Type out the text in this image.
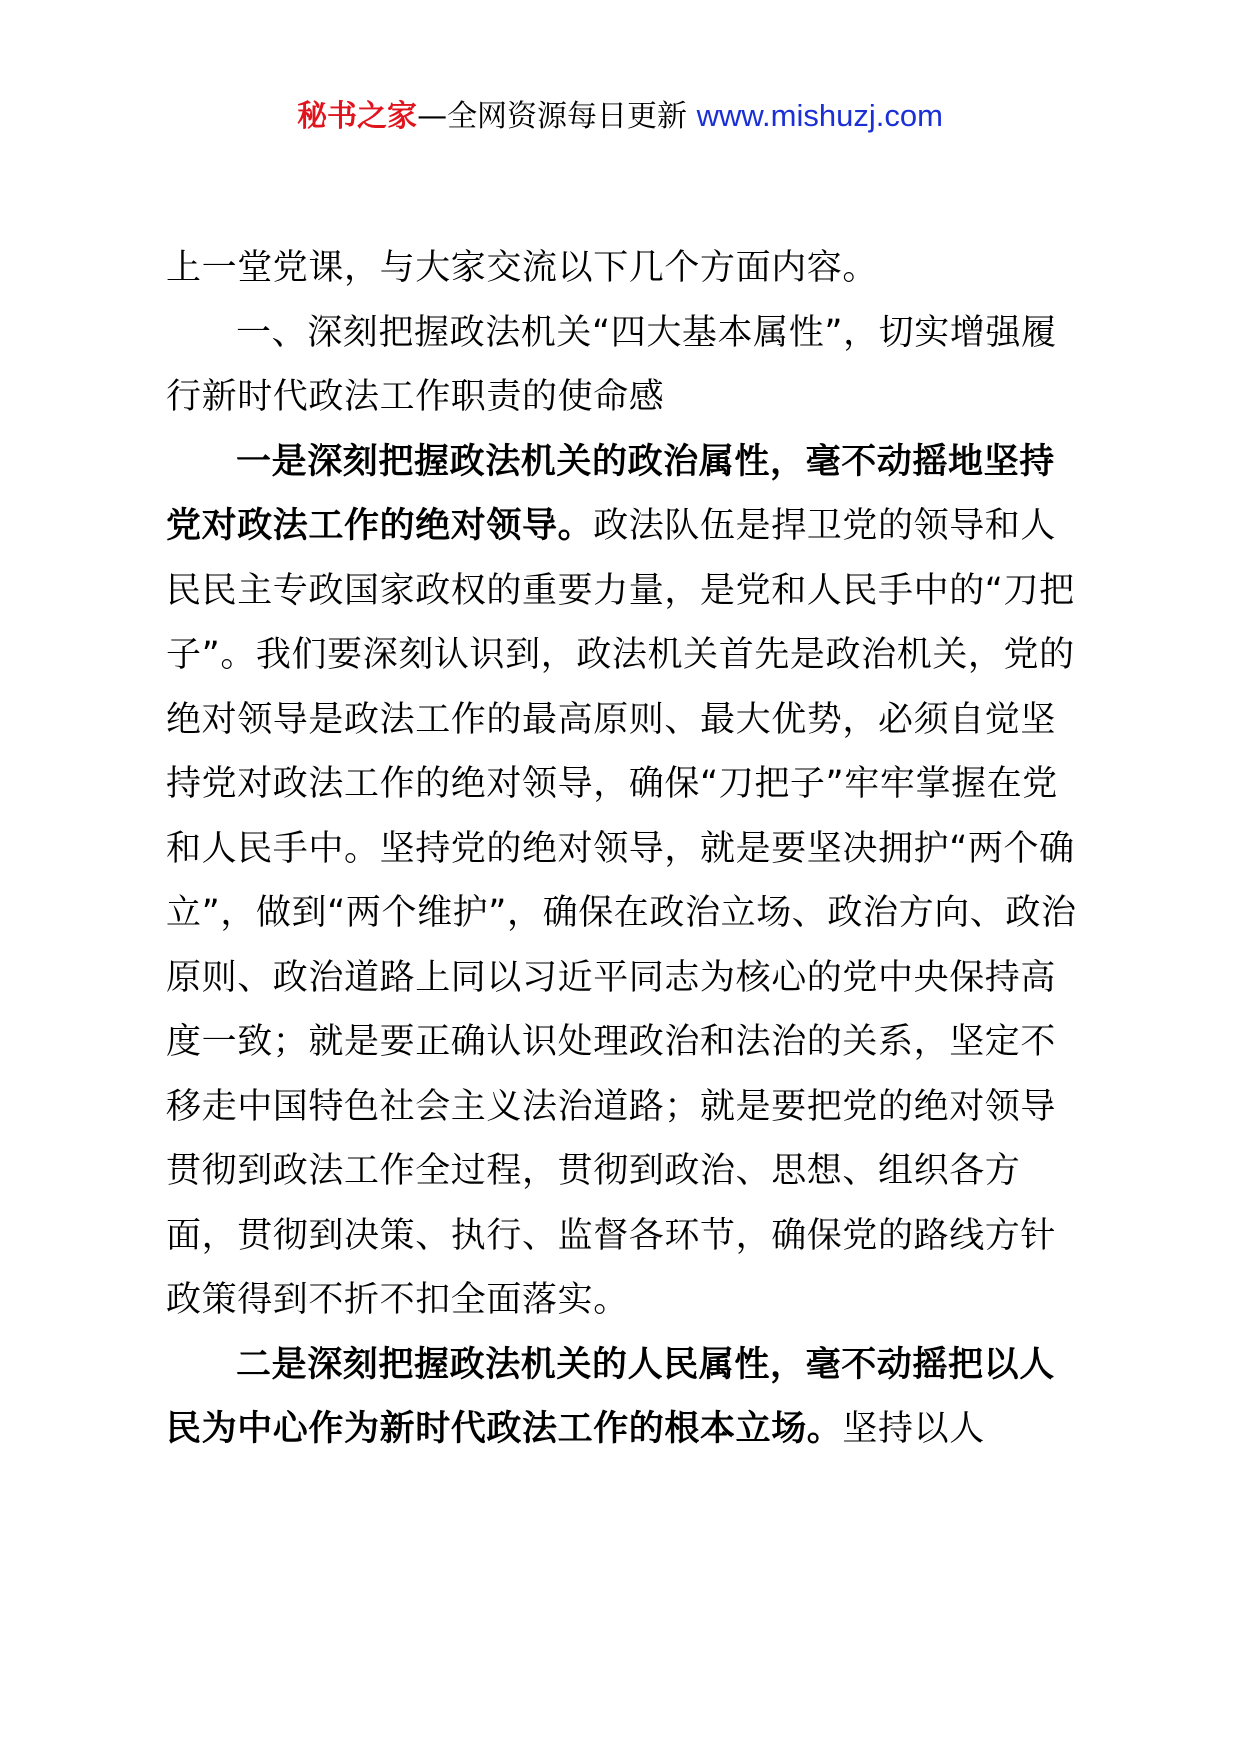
秘书之家—全网资源每日更新 www.mishuzj.com

上一堂党课，与大家交流以下几个方面内容。

一、深刻把握政法机关“四大基本属性”，切实增强履行新时代政法工作职责的使命感

一是深刻把握政法机关的政治属性，毫不动摇地坚持党对政法工作的绝对领导。政法队伍是捍卫党的领导和人民民主专政国家政权的重要力量，是党和人民手中的“刀把子”。我们要深刻认识到，政法机关首先是政治机关，党的绝对领导是政法工作的最高原则、最大优势，必须自觉坚持党对政法工作的绝对领导，确保“刀把子”牢牢掌握在党和人民手中。坚持党的绝对领导，就是要坚决拥护“两个确立”，做到“两个维护”，确保在政治立场、政治方向、政治原则、政治道路上同以习近平同志为核心的党中央保持高度一致；就是要正确认识处理政治和法治的关系，坚定不移走中国特色社会主义法治道路；就是要把党的绝对领导贯彻到政法工作全过程，贯彻到政治、思想、组织各方面，贯彻到决策、执行、监督各环节，确保党的路线方针政策得到不折不扣全面落实。

二是深刻把握政法机关的人民属性，毫不动摇把以人民为中心作为新时代政法工作的根本立场。坚持以人
